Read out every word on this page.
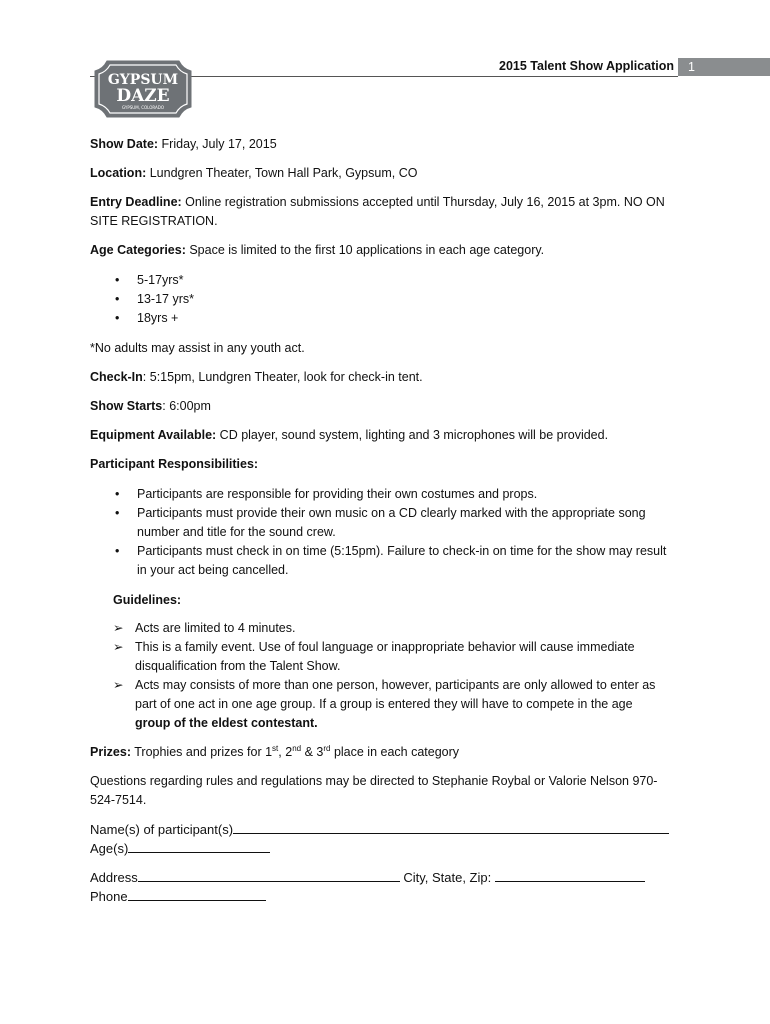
2015 Talent Show Application	1
GYPSUM
DAZE
GYPSUM, COLORADO
Show Date: Friday, July 17, 2015
Location: Lundgren Theater, Town Hall Park, Gypsum, CO
Entry Deadline: Online registration submissions accepted until Thursday, July 16, 2015 at 3pm. NO ON
SITE REGISTRATION.
Age Categories: Space is limited to the first 10 applications in each age category.
• 5-17yrs*
• 13-17 yrs*
• 18yrs +
*No adults may assist in any youth act.
Check-In: 5:15pm, Lundgren Theater, look for check-in tent.
Show Starts: 6:00pm
Equipment Available: CD player, sound system, lighting and 3 microphones will be provided.
Participant Responsibilities:
• Participants are responsible for providing their own costumes and props.
• Participants must provide their own music on a CD clearly marked with the appropriate song
number and title for the sound crew.
• Participants must check in on time (5:15pm). Failure to check-in on time for the show may result
in your act being cancelled.
Guidelines:
➢ Acts are limited to 4 minutes.
➢ This is a family event. Use of foul language or inappropriate behavior will cause immediate
disqualification from the Talent Show.
➢ Acts may consists of more than one person, however, participants are only allowed to enter as
part of one act in one age group. If a group is entered they will have to compete in the age
group of the eldest contestant.
Prizes: Trophies and prizes for 1st, 2nd & 3rd place in each category
Questions regarding rules and regulations may be directed to Stephanie Roybal or Valorie Nelson 970-
524-7514.
Name(s) of participant(s)
Age(s)
Address	City, State, Zip:
Phone
